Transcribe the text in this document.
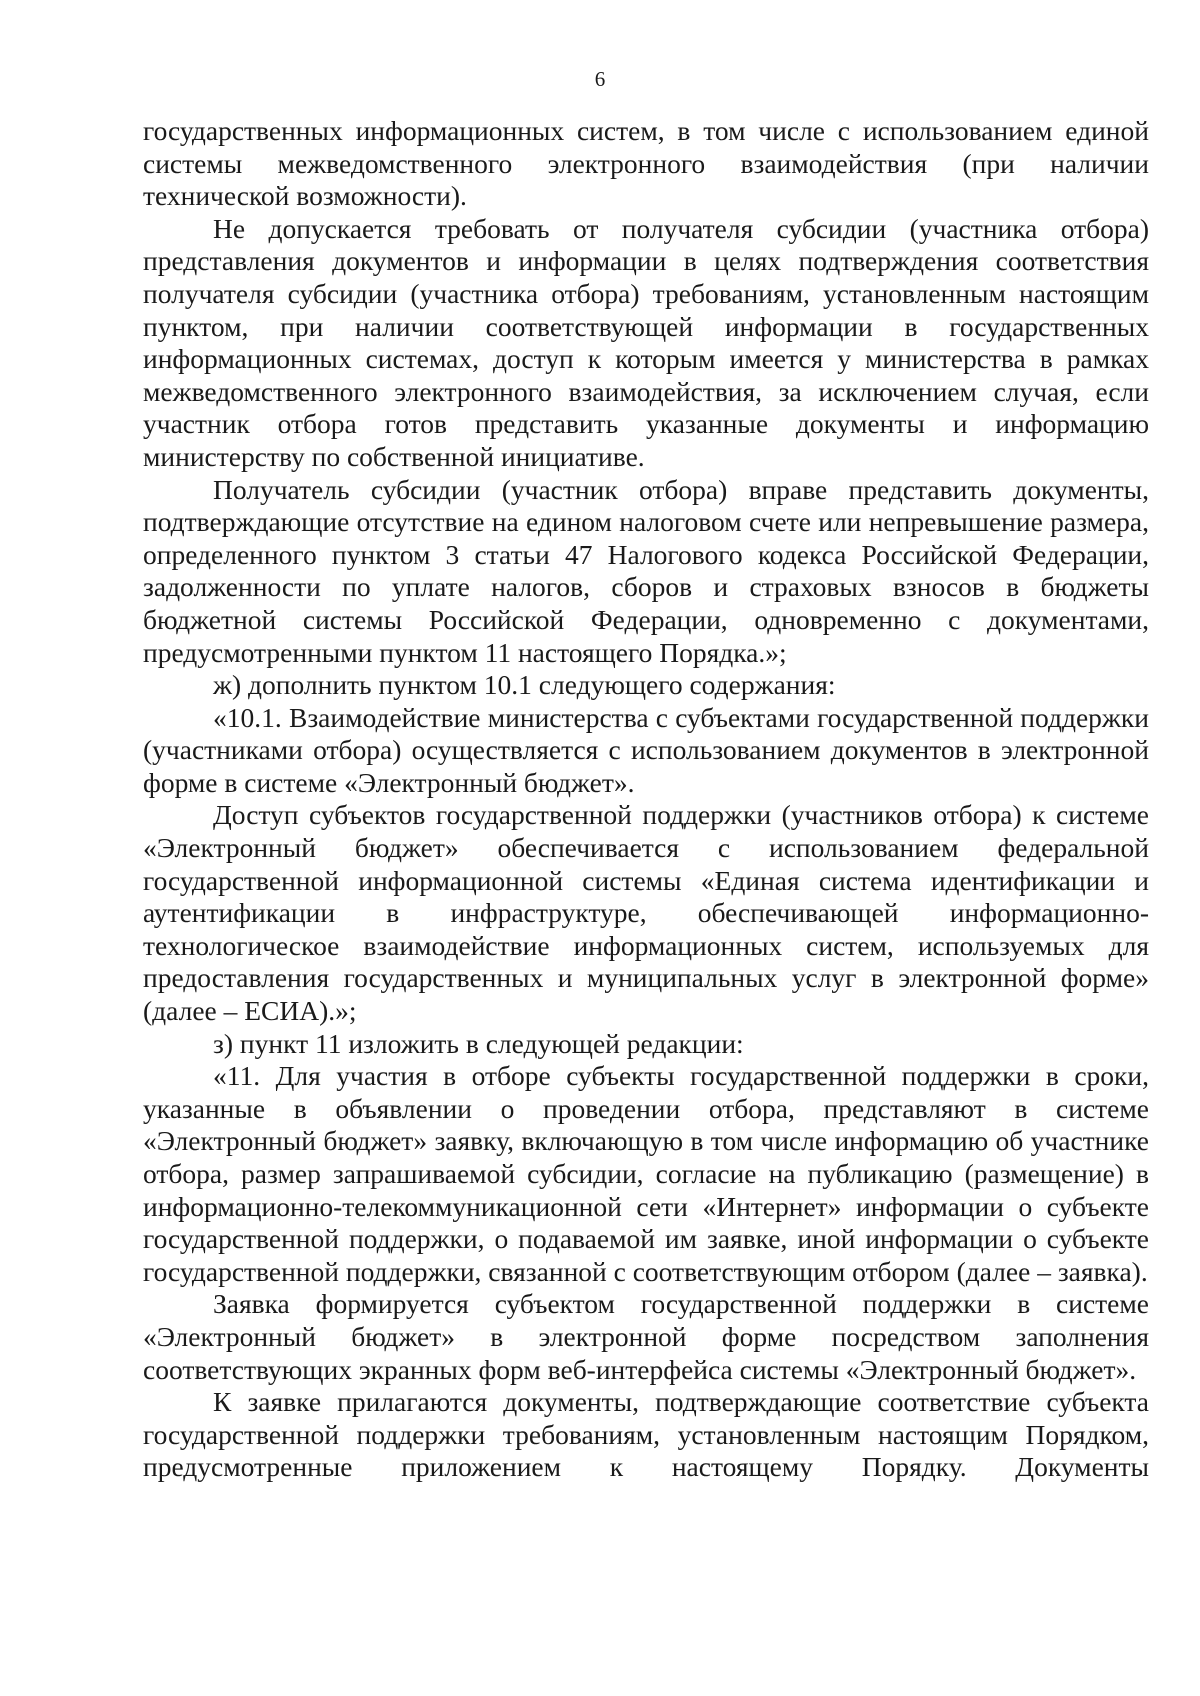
6

государственных информационных систем, в том числе с использованием единой системы межведомственного электронного взаимодействия (при наличии технической возможности).

Не допускается требовать от получателя субсидии (участника отбора) представления документов и информации в целях подтверждения соответствия получателя субсидии (участника отбора) требованиям, установленным настоящим пунктом, при наличии соответствующей информации в государственных информационных системах, доступ к которым имеется у министерства в рамках межведомственного электронного взаимодействия, за исключением случая, если участник отбора готов представить указанные документы и информацию министерству по собственной инициативе.

Получатель субсидии (участник отбора) вправе представить документы, подтверждающие отсутствие на едином налоговом счете или непревышение размера, определенного пунктом 3 статьи 47 Налогового кодекса Российской Федерации, задолженности по уплате налогов, сборов и страховых взносов в бюджеты бюджетной системы Российской Федерации, одновременно с документами, предусмотренными пунктом 11 настоящего Порядка.»;

ж) дополнить пунктом 10.1 следующего содержания:

«10.1. Взаимодействие министерства с субъектами государственной поддержки (участниками отбора) осуществляется с использованием документов в электронной форме в системе «Электронный бюджет».

Доступ субъектов государственной поддержки (участников отбора) к системе «Электронный бюджет» обеспечивается с использованием федеральной государственной информационной системы «Единая система идентификации и аутентификации в инфраструктуре, обеспечивающей информационно-технологическое взаимодействие информационных систем, используемых для предоставления государственных и муниципальных услуг в электронной форме» (далее – ЕСИА).»;

з) пункт 11 изложить в следующей редакции:

«11. Для участия в отборе субъекты государственной поддержки в сроки, указанные в объявлении о проведении отбора, представляют в системе «Электронный бюджет» заявку, включающую в том числе информацию об участнике отбора, размер запрашиваемой субсидии, согласие на публикацию (размещение) в информационно-телекоммуникационной сети «Интернет» информации о субъекте государственной поддержки, о подаваемой им заявке, иной информации о субъекте государственной поддержки, связанной с соответствующим отбором (далее – заявка).

Заявка формируется субъектом государственной поддержки в системе «Электронный бюджет» в электронной форме посредством заполнения соответствующих экранных форм веб-интерфейса системы «Электронный бюджет».

К заявке прилагаются документы, подтверждающие соответствие субъекта государственной поддержки требованиям, установленным настоящим Порядком, предусмотренные приложением к настоящему Порядку. Документы
